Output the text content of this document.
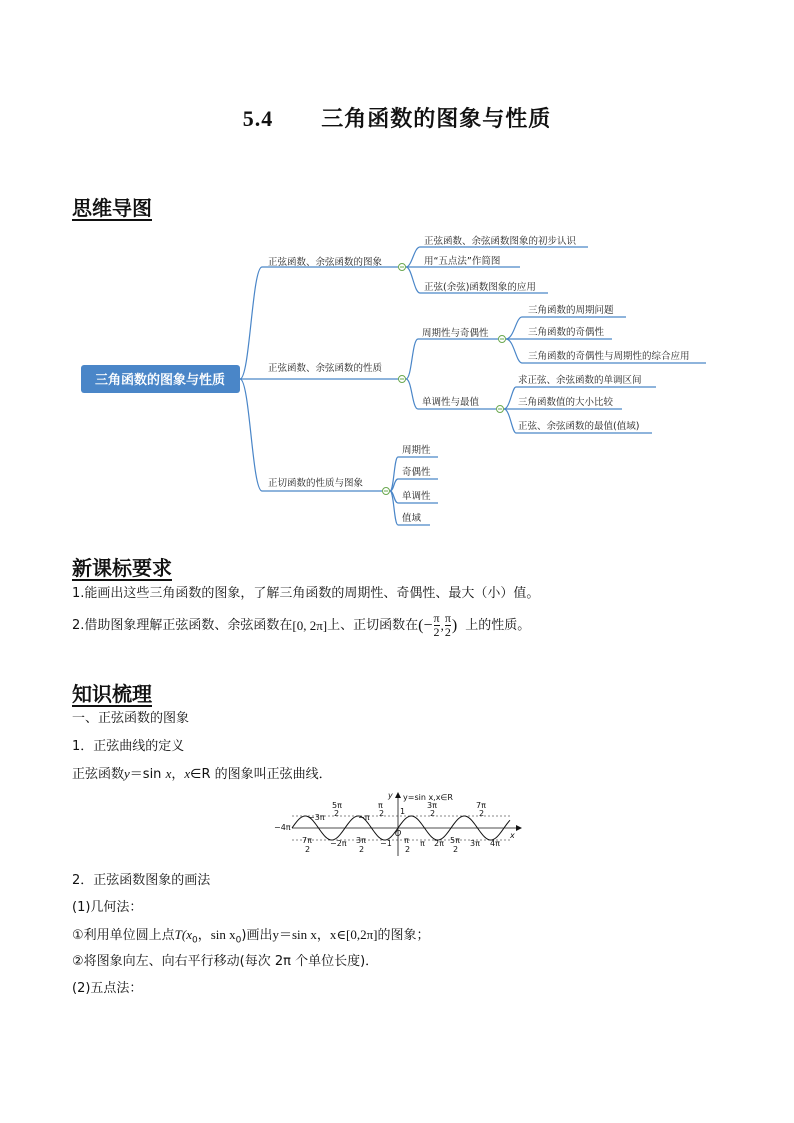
5.4 三角函数的图象与性质
思维导图
三角函数的图象与性质
正弦函数、余弦函数的图象
正弦函数、余弦函数的性质
正切函数的性质与图象
正弦函数、余弦函数图象的初步认识
用“五点法”作简图
正弦(余弦)函数图象的应用
周期性与奇偶性
单调性与最值
三角函数的周期问题
三角函数的奇偶性
三角函数的奇偶性与周期性的综合应用
求正弦、余弦函数的单调区间
三角函数值的大小比较
正弦、余弦函数的最值(值域)
周期性
奇偶性
单调性
值域
新课标要求
1.能画出这些三角函数的图象，了解三角函数的周期性、奇偶性、最大（小）值。
2.借助图象理解正弦函数、余弦函数在 [0, 2π] 上、正切函数在 (− $\frac{\pi}{2}$ , $\frac{\pi}{2}$ ) 上的性质。
知识梳理
一、正弦函数的图象
1．正弦曲线的定义
正弦函数y＝sin x，x∈R 的图象叫正弦曲线．
y=sin x,x∈R
y
x
O
−4π
−3π	−π
5π
2
π
2
3π
2
7π
2
7π
2
3π
2
π
2
5π
2
−2π	−1	π 2π	3π 4π
1
2．正弦函数图象的画法
(1)几何法：
①利用单位圆上点$T(x_0$，$\sin x_0$)画出y＝sin x，x∈[0,2π]的图象；
②将图象向左、向右平行移动(每次 2π 个单位长度)．
(2)五点法：
